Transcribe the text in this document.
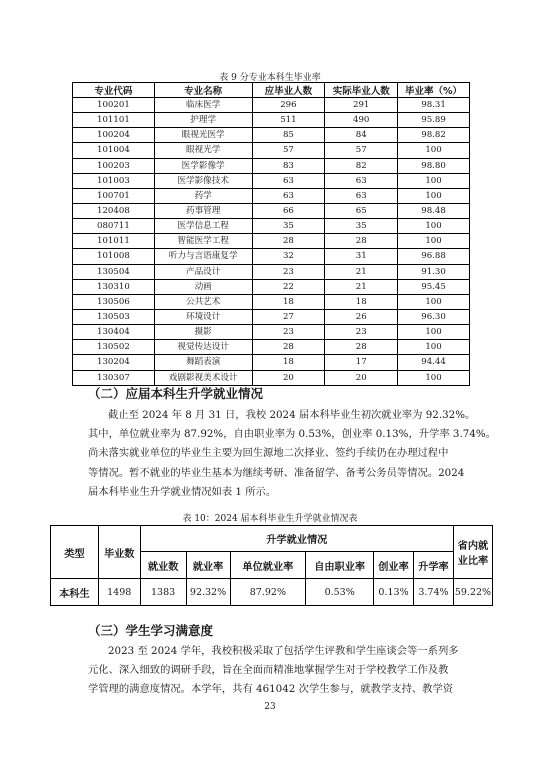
表 9 分专业本科生毕业率
专业代码	专业名称	应毕业人数	实际毕业人数	毕业率（%）
100201	临床医学	296	291	98.31
101101	护理学	511	490	95.89
100204	眼视光医学	85	84	98.82
101004	眼视光学	57	57	100
100203	医学影像学	83	82	98.80
101003	医学影像技术	63	63	100
100701	药学	63	63	100
120408	药事管理	66	65	98.48
080711	医学信息工程	35	35	100
101011	智能医学工程	28	28	100
101008	听力与言语康复学	32	31	96.88
130504	产品设计	23	21	91.30
130310	动画	22	21	95.45
130506	公共艺术	18	18	100
130503	环境设计	27	26	96.30
130404	摄影	23	23	100
130502	视觉传达设计	28	28	100
130204	舞蹈表演	18	17	94.44
130307	戏剧影视美术设计	20	20	100
（二）应届本科生升学就业情况
截止至 2024 年 8 月 31 日，我校 2024 届本科毕业生初次就业率为 92.32%。
其中，单位就业率为 87.92%，自由职业率为 0.53%，创业率 0.13%，升学率 3.74%。
尚未落实就业单位的毕业生主要为回生源地二次择业、签约手续仍在办理过程中
等情况。暂不就业的毕业生基本为继续考研、准备留学、备考公务员等情况。2024
届本科毕业生升学就业情况如表 1 所示。
表 10：2024 届本科毕业生升学就业情况表
类型	毕业数	升学就业情况						省内就业比率
		就业数	就业率	单位就业率	自由职业率	创业率	升学率	
本科生	1498	1383	92.32%	87.92%	0.53%	0.13%	3.74%	59.22%
（三）学生学习满意度
2023 至 2024 学年，我校积极采取了包括学生评教和学生座谈会等一系列多
元化、深入细致的调研手段，旨在全面而精准地掌握学生对于学校教学工作及教
学管理的满意度情况。本学年，共有 461042 次学生参与，就教学支持、教学资
23
